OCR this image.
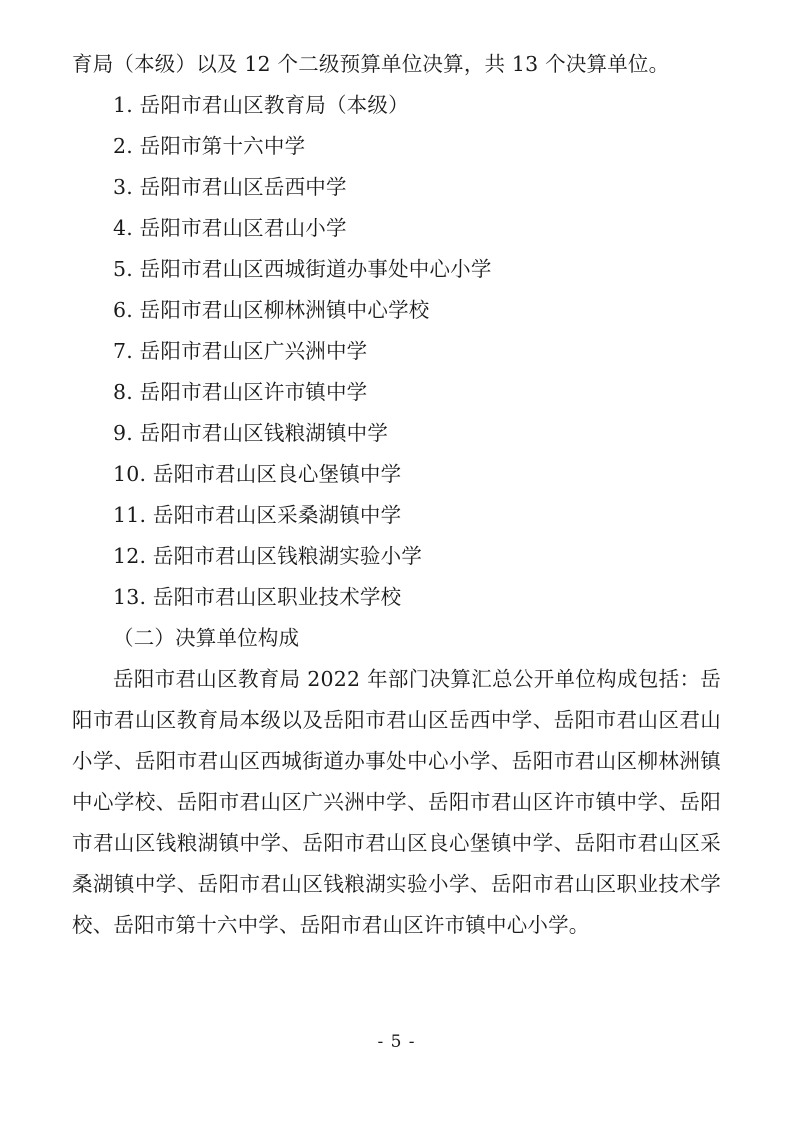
育局（本级）以及 12 个二级预算单位决算，共 13 个决算单位。

1. 岳阳市君山区教育局（本级）

2. 岳阳市第十六中学

3. 岳阳市君山区岳西中学

4. 岳阳市君山区君山小学

5. 岳阳市君山区西城街道办事处中心小学

6. 岳阳市君山区柳林洲镇中心学校

7. 岳阳市君山区广兴洲中学

8. 岳阳市君山区许市镇中学

9. 岳阳市君山区钱粮湖镇中学

10. 岳阳市君山区良心堡镇中学

11. 岳阳市君山区采桑湖镇中学

12. 岳阳市君山区钱粮湖实验小学

13. 岳阳市君山区职业技术学校

（二）决算单位构成

岳阳市君山区教育局 2022 年部门决算汇总公开单位构成包括：岳阳市君山区教育局本级以及岳阳市君山区岳西中学、岳阳市君山区君山小学、岳阳市君山区西城街道办事处中心小学、岳阳市君山区柳林洲镇中心学校、岳阳市君山区广兴洲中学、岳阳市君山区许市镇中学、岳阳市君山区钱粮湖镇中学、岳阳市君山区良心堡镇中学、岳阳市君山区采桑湖镇中学、岳阳市君山区钱粮湖实验小学、岳阳市君山区职业技术学校、岳阳市第十六中学、岳阳市君山区许市镇中心小学。

- 5 -
